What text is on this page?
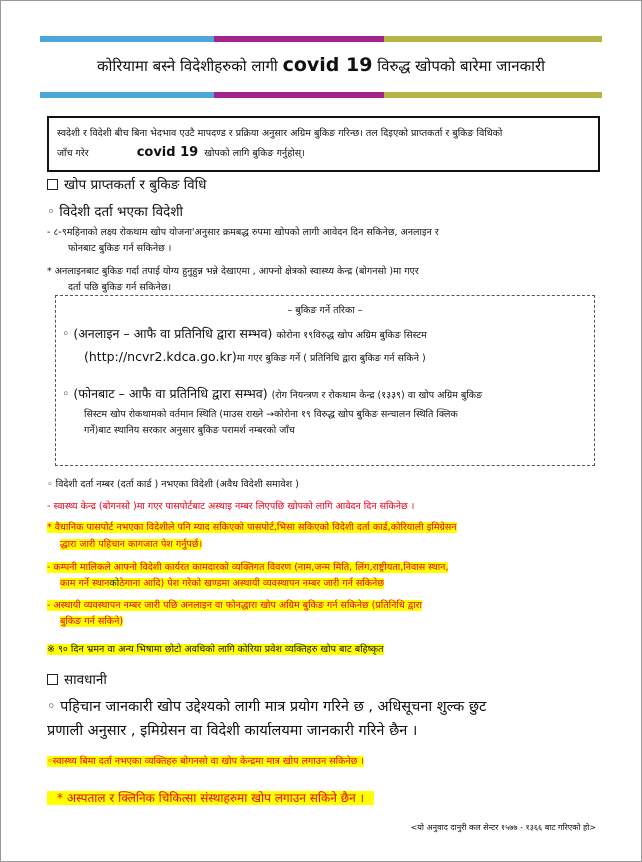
कोरियामा बस्ने विदेशीहरुको लागी covid 19 विरुद्ध खोपको बारेमा जानकारी
स्वदेशी र विदेशी बीच बिना भेदभाव एउटै मापदण्ड र प्रक्रिया अनुसार अग्रिम बुकिङ गरिन्छ। तल दिइएको प्राप्तकर्ता र बुकिङ विधिको
जाँच गरेर	covid 19 खोपको लागि बुकिङ गर्नुहोस्।
खोप प्राप्तकर्ता र बुकिङ विधि
◦ विदेशी दर्ता भएका विदेशी
- ८-९महिनाको लक्ष्य रोकथाम खोप योजना'अनुसार क्रमबद्ध रुपमा खोपको लागी आवेदन दिन सकिनेछ, अनलाइन र
फोनबाट बुकिङ गर्न सकिनेछ ।
* अनलाइनबाट बुकिङ गर्दा तपाई योग्य हुनुहुन्न भन्ने देखाएमा , आफ्नो क्षेत्रको स्वास्थ्य केन्द्र (बोगनसो )मा गएर
दर्ता पछि बुकिङ गर्न सकिनेछ।
– बुकिङ गर्ने तरिका –
◦ (अनलाइन – आफै वा प्रतिनिधि द्वारा सम्भव) कोरोना १९विरुद्ध खोप अग्रिम बुकिङ सिस्टम
(http://ncvr2.kdca.go.kr)मा गएर बुकिङ गर्ने ( प्रतिनिधि द्वारा बुकिङ गर्न सकिने )
◦ (फोनबाट – आफै वा प्रतिनिधि द्वारा सम्भव) (रोग नियन्त्रण र रोकथाम केन्द्र (१३३९) वा खोप अग्रिम बुकिङ
सिस्टम खोप रोकथामको वर्तमान स्थिति (माउस राख्ने →कोरोना १९ विरुद्ध खोप बुकिङ सन्चालन स्थिति क्लिक
गर्ने)बाट स्थानिय सरकार अनुसार बुकिङ परामर्श नम्बरको जाँच
◦ विदेशी दर्ता नम्बर (दर्ता कार्ड ) नभएका विदेशी (अवैध विदेशी समावेश )
- स्वास्थ्य केन्द्र (बोगनसो )मा गएर पासपोर्टबाट अस्थाइ नम्बर लिएपछि खोपको लागि आवेदन दिन सकिनेछ ।
* वैधानिक पासपोर्ट नभएका विदेशीले पनि म्याद सकिएको पासपोर्ट,भिसा सकिएको विदेशी दर्ता कार्ड,कोरियाली इमिग्रेसन
द्धारा जारी पहिचान कागजात पेश गर्नुपर्छ।
- कम्पनी मालिकले आफ्नो विदेशी कार्यरत कामदारको व्यक्तिगत विवरण (नाम,जन्म मिति, लिंग,राष्ट्रीयता,निवास स्थान,
काम गर्ने स्थानकोठेगाना आदि) पेश गरेको खण्डमा अस्थायी व्यवस्थापन नम्बर जारी गर्न सकिनेछ
- अस्थायी व्यवस्थापन नम्बर जारी पछि अनलाइन वा फोनद्धारा खोप अग्रिम बुकिङ गर्न सकिनेछ (प्रतिनिधि द्वारा
बुकिङ गर्न सकिने)
※ ९० दिन भ्रमन वा अन्य भिषामा छोटो अवधिको लागि कोरिया प्रवेश व्यक्तिहरु खोप बाट बहिष्कृत
सावधानी
◦ पहिचान जानकारी खोप उद्देश्यको लागी मात्र प्रयोग गरिने छ , अधिसूचना शुल्क छुट
प्रणाली अनुसार , इमिग्रेसन वा विदेशी कार्यालयमा जानकारी गरिने छैन ।
◦स्वास्थ्य बिमा दर्ता नभएका व्यक्तिहरु बोगनसो वा खोप केन्द्रमा मात्र खोप लगाउन सकिनेछ ।
* अस्पताल र क्लिनिक चिकित्सा संस्थाहरुमा खोप लगाउन सकिने छैन ।
<यो अनुवाद दानुरी कल सेन्टर १५७७ - १३६६ बाट गरिएको हो>
